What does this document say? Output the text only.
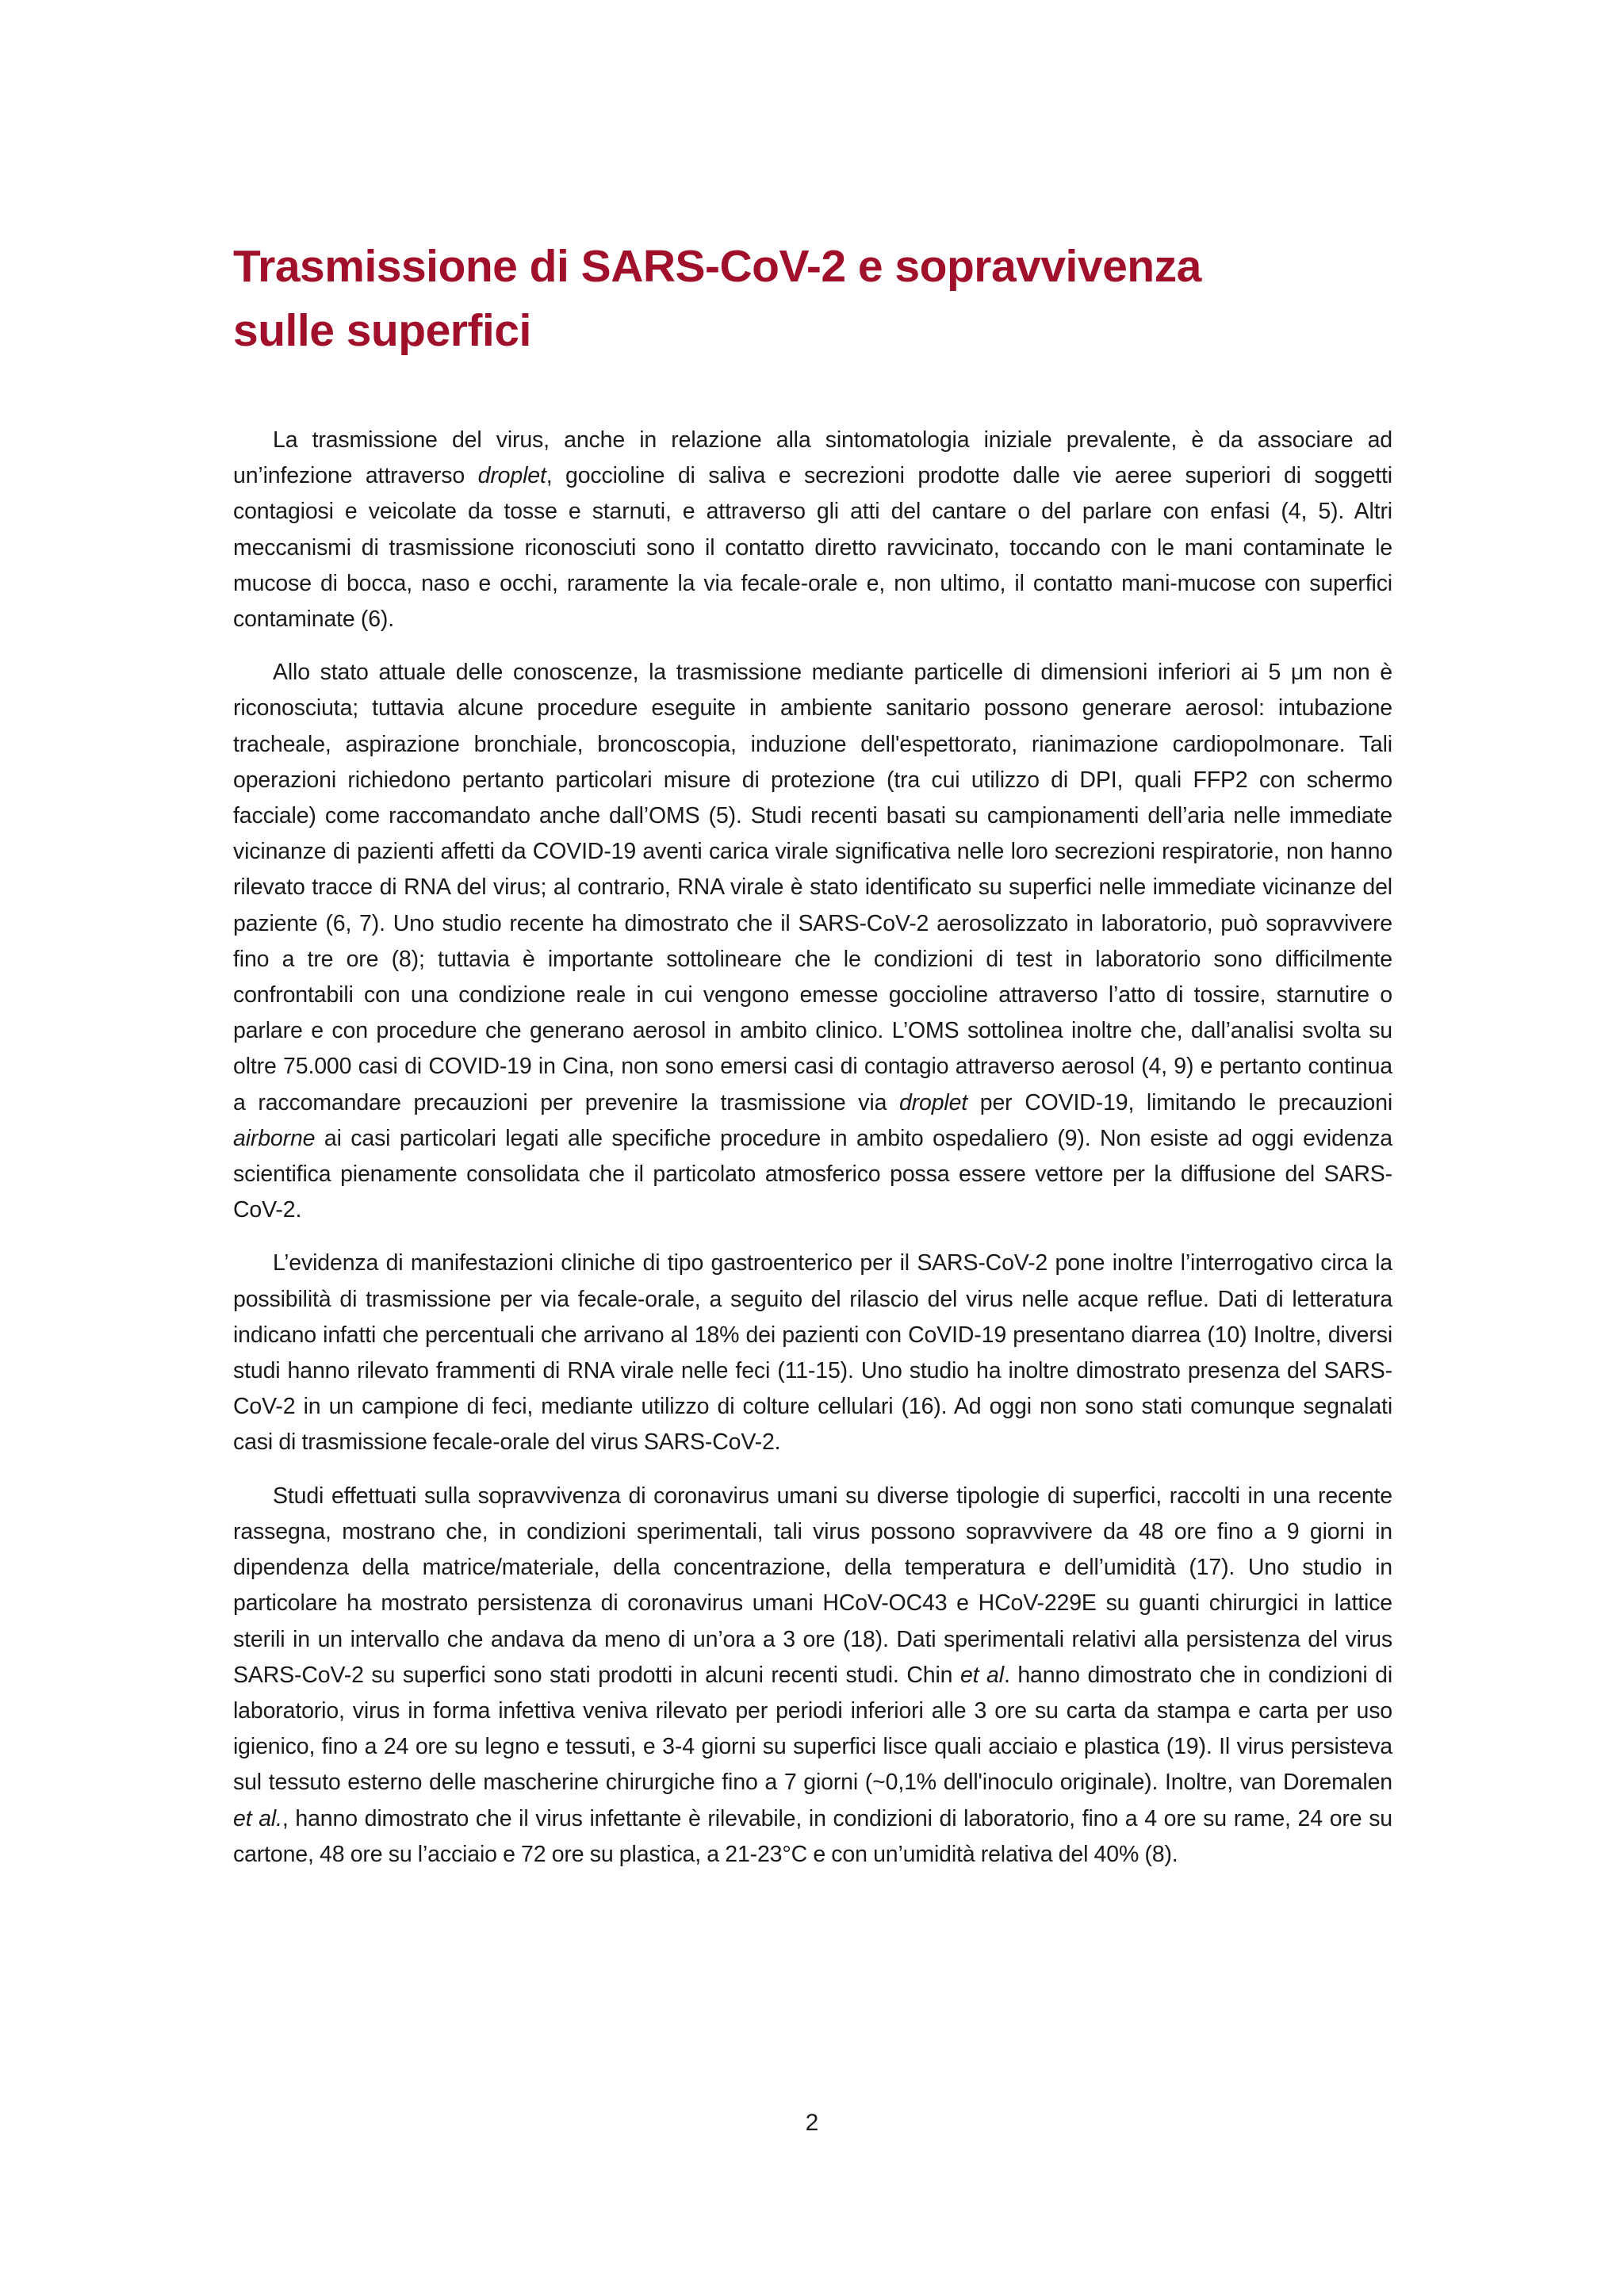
Trasmissione di SARS-CoV-2 e sopravvivenza
sulle superfici

La trasmissione del virus, anche in relazione alla sintomatologia iniziale prevalente, è da associare ad un’infezione attraverso droplet, goccioline di saliva e secrezioni prodotte dalle vie aeree superiori di soggetti contagiosi e veicolate da tosse e starnuti, e attraverso gli atti del cantare o del parlare con enfasi (4, 5). Altri meccanismi di trasmissione riconosciuti sono il contatto diretto ravvicinato, toccando con le mani contaminate le mucose di bocca, naso e occhi, raramente la via fecale-orale e, non ultimo, il contatto mani-mucose con superfici contaminate (6).

Allo stato attuale delle conoscenze, la trasmissione mediante particelle di dimensioni inferiori ai 5 μm non è riconosciuta; tuttavia alcune procedure eseguite in ambiente sanitario possono generare aerosol: intubazione tracheale, aspirazione bronchiale, broncoscopia, induzione dell'espettorato, rianimazione cardiopolmonare. Tali operazioni richiedono pertanto particolari misure di protezione (tra cui utilizzo di DPI, quali FFP2 con schermo facciale) come raccomandato anche dall’OMS (5). Studi recenti basati su campionamenti dell’aria nelle immediate vicinanze di pazienti affetti da COVID-19 aventi carica virale significativa nelle loro secrezioni respiratorie, non hanno rilevato tracce di RNA del virus; al contrario, RNA virale è stato identificato su superfici nelle immediate vicinanze del paziente (6, 7). Uno studio recente ha dimostrato che il SARS-CoV-2 aerosolizzato in laboratorio, può sopravvivere fino a tre ore (8); tuttavia è importante sottolineare che le condizioni di test in laboratorio sono difficilmente confrontabili con una condizione reale in cui vengono emesse goccioline attraverso l’atto di tossire, starnutire o parlare e con procedure che generano aerosol in ambito clinico. L’OMS sottolinea inoltre che, dall’analisi svolta su oltre 75.000 casi di COVID-19 in Cina, non sono emersi casi di contagio attraverso aerosol (4, 9) e pertanto continua a raccomandare precauzioni per prevenire la trasmissione via droplet per COVID-19, limitando le precauzioni airborne ai casi particolari legati alle specifiche procedure in ambito ospedaliero (9). Non esiste ad oggi evidenza scientifica pienamente consolidata che il particolato atmosferico possa essere vettore per la diffusione del SARS-CoV-2.

L’evidenza di manifestazioni cliniche di tipo gastroenterico per il SARS-CoV-2 pone inoltre l’interrogativo circa la possibilità di trasmissione per via fecale-orale, a seguito del rilascio del virus nelle acque reflue. Dati di letteratura indicano infatti che percentuali che arrivano al 18% dei pazienti con CoVID-19 presentano diarrea (10) Inoltre, diversi studi hanno rilevato frammenti di RNA virale nelle feci (11-15). Uno studio ha inoltre dimostrato presenza del SARS-CoV-2 in un campione di feci, mediante utilizzo di colture cellulari (16). Ad oggi non sono stati comunque segnalati casi di trasmissione fecale-orale del virus SARS-CoV-2.

Studi effettuati sulla sopravvivenza di coronavirus umani su diverse tipologie di superfici, raccolti in una recente rassegna, mostrano che, in condizioni sperimentali, tali virus possono sopravvivere da 48 ore fino a 9 giorni in dipendenza della matrice/materiale, della concentrazione, della temperatura e dell’umidità (17). Uno studio in particolare ha mostrato persistenza di coronavirus umani HCoV-OC43 e HCoV-229E su guanti chirurgici in lattice sterili in un intervallo che andava da meno di un’ora a 3 ore (18). Dati sperimentali relativi alla persistenza del virus SARS-CoV-2 su superfici sono stati prodotti in alcuni recenti studi. Chin et al. hanno dimostrato che in condizioni di laboratorio, virus in forma infettiva veniva rilevato per periodi inferiori alle 3 ore su carta da stampa e carta per uso igienico, fino a 24 ore su legno e tessuti, e 3-4 giorni su superfici lisce quali acciaio e plastica (19). Il virus persisteva sul tessuto esterno delle mascherine chirurgiche fino a 7 giorni (~0,1% dell'inoculo originale). Inoltre, van Doremalen et al., hanno dimostrato che il virus infettante è rilevabile, in condizioni di laboratorio, fino a 4 ore su rame, 24 ore su cartone, 48 ore su l’acciaio e 72 ore su plastica, a 21-23°C e con un’umidità relativa del 40% (8).

2
